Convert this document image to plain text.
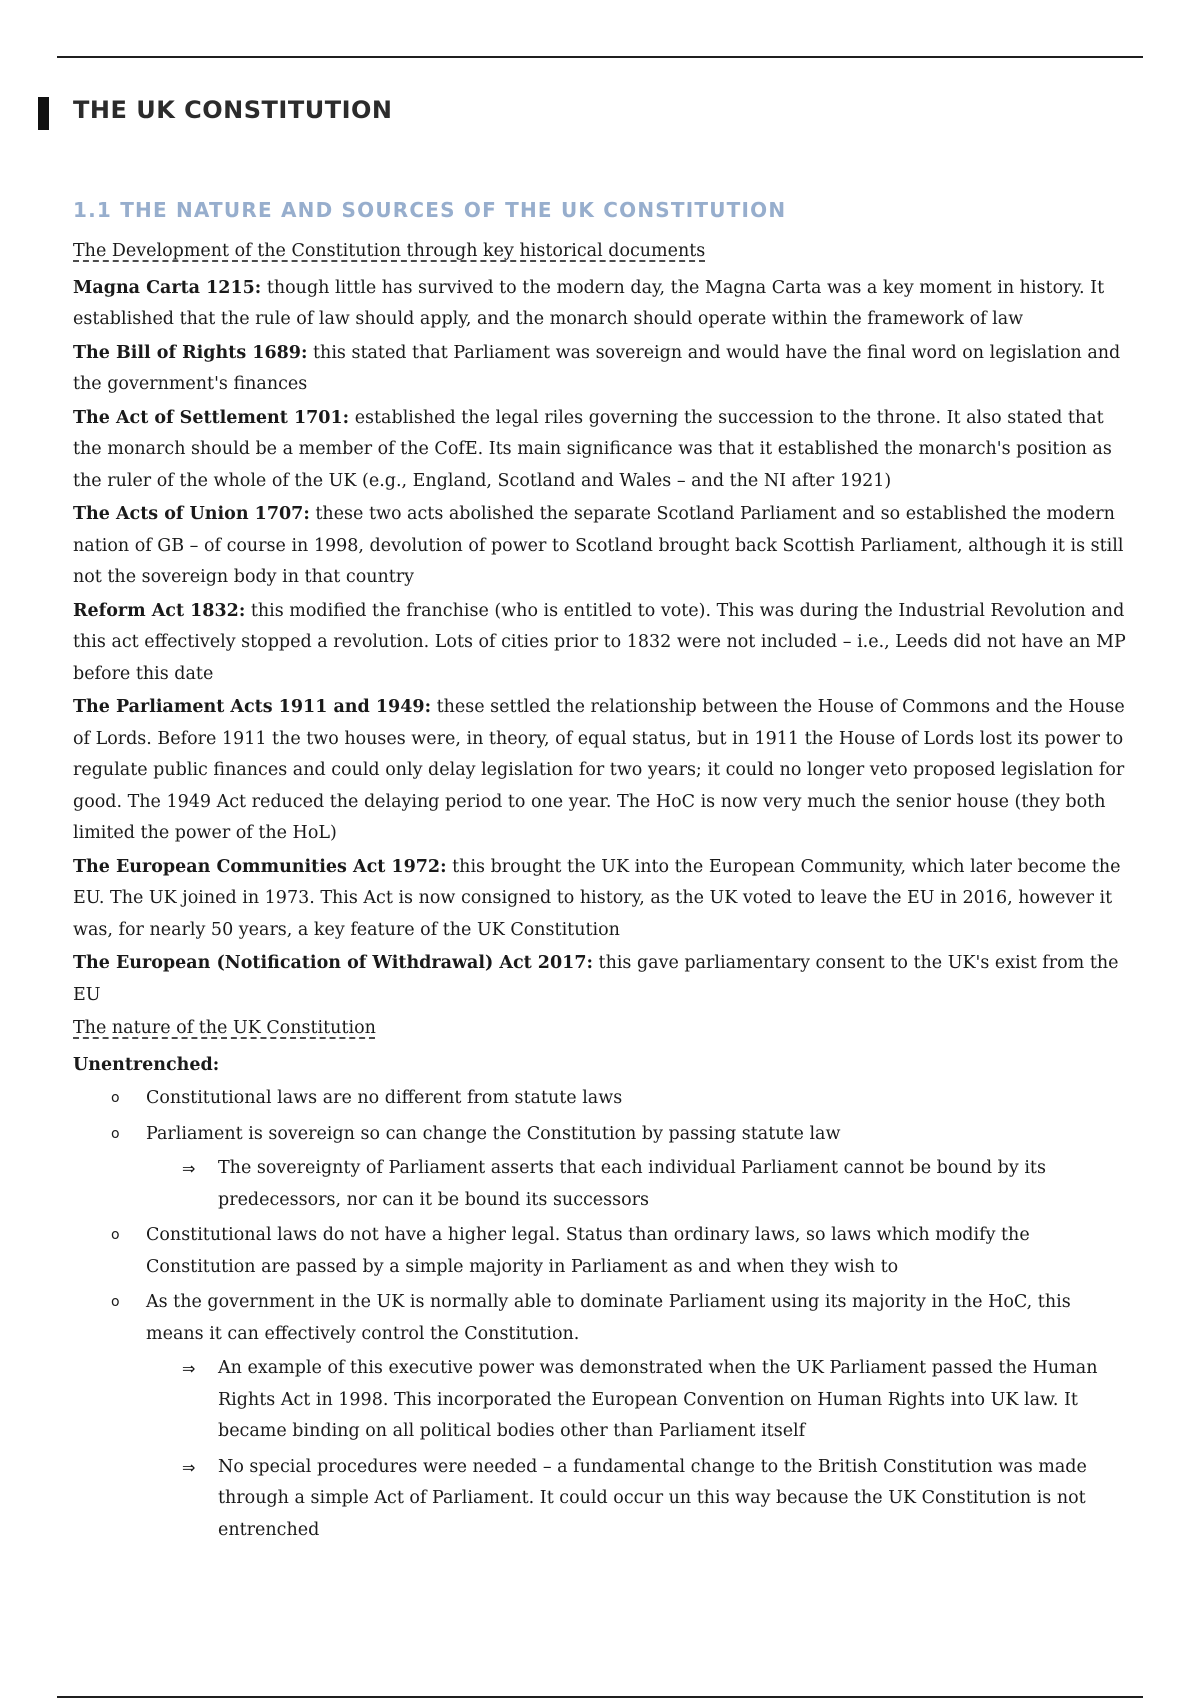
THE UK CONSTITUTION
1.1 THE NATURE AND SOURCES OF THE UK CONSTITUTION
The Development of the Constitution through key historical documents

Magna Carta 1215: though little has survived to the modern day, the Magna Carta was a key moment in history. It established that the rule of law should apply, and the monarch should operate within the framework of law

The Bill of Rights 1689: this stated that Parliament was sovereign and would have the final word on legislation and the government's finances

The Act of Settlement 1701: established the legal riles governing the succession to the throne. It also stated that the monarch should be a member of the CofE. Its main significance was that it established the monarch's position as the ruler of the whole of the UK (e.g., England, Scotland and Wales – and the NI after 1921)

The Acts of Union 1707: these two acts abolished the separate Scotland Parliament and so established the modern nation of GB – of course in 1998, devolution of power to Scotland brought back Scottish Parliament, although it is still not the sovereign body in that country

Reform Act 1832: this modified the franchise (who is entitled to vote). This was during the Industrial Revolution and this act effectively stopped a revolution. Lots of cities prior to 1832 were not included – i.e., Leeds did not have an MP before this date

The Parliament Acts 1911 and 1949: these settled the relationship between the House of Commons and the House of Lords. Before 1911 the two houses were, in theory, of equal status, but in 1911 the House of Lords lost its power to regulate public finances and could only delay legislation for two years; it could no longer veto proposed legislation for good. The 1949 Act reduced the delaying period to one year. The HoC is now very much the senior house (they both limited the power of the HoL)

The European Communities Act 1972: this brought the UK into the European Community, which later become the EU. The UK joined in 1973. This Act is now consigned to history, as the UK voted to leave the EU in 2016, however it was, for nearly 50 years, a key feature of the UK Constitution

The European (Notification of Withdrawal) Act 2017: this gave parliamentary consent to the UK's exist from the EU

The nature of the UK Constitution

Unentrenched:

o Constitutional laws are no different from statute laws
o Parliament is sovereign so can change the Constitution by passing statute law
⇒ The sovereignty of Parliament asserts that each individual Parliament cannot be bound by its predecessors, nor can it be bound its successors
o Constitutional laws do not have a higher legal. Status than ordinary laws, so laws which modify the Constitution are passed by a simple majority in Parliament as and when they wish to
o As the government in the UK is normally able to dominate Parliament using its majority in the HoC, this means it can effectively control the Constitution.
⇒ An example of this executive power was demonstrated when the UK Parliament passed the Human Rights Act in 1998. This incorporated the European Convention on Human Rights into UK law. It became binding on all political bodies other than Parliament itself
⇒ No special procedures were needed – a fundamental change to the British Constitution was made through a simple Act of Parliament. It could occur un this way because the UK Constitution is not entrenched
